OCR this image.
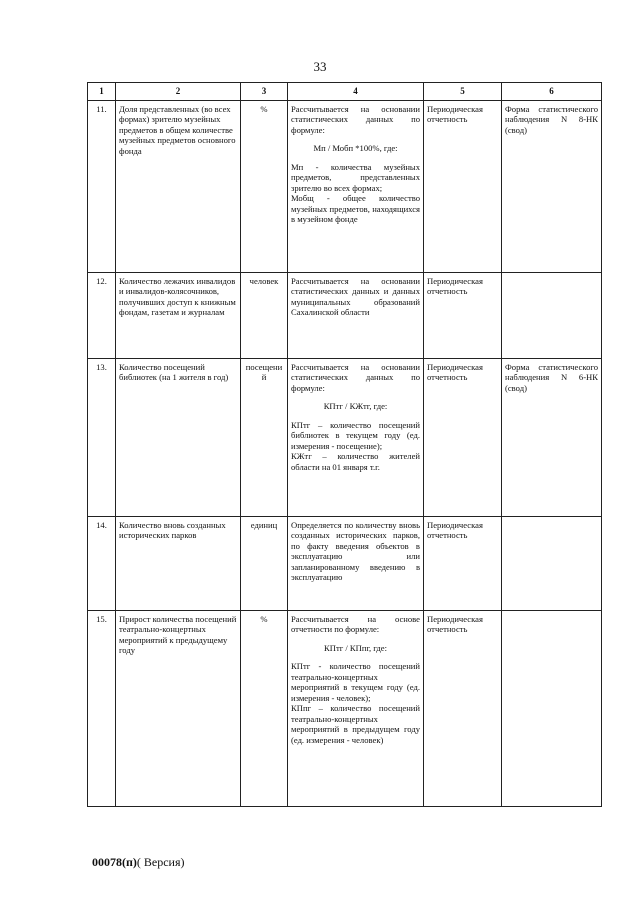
33
1	2	3	4	5	6
11.	Доля представленных (во всех формах) зрителю музейных предметов в общем количестве музейных предметов основного фонда	%	Рассчитывается на основании статистических данных по формуле:
Мп / Мобп *100%, где:
Мп - количества музейных предметов, представленных зрителю во всех формах;
Мобщ - общее количество музейных предметов, находящихся в музейном фонде	Периодическая отчетность	Форма статистического наблюдения N 8-НК (свод)
12.	Количество лежачих инвалидов и инвалидов-колясочников, получивших доступ к книжным фондам, газетам и журналам	человек	Рассчитывается на основании статистических данных и данных муниципальных образований Сахалинской области	Периодическая отчетность	
13.	Количество посещений библиотек (на 1 жителя в год)	посещений	Рассчитывается на основании статистических данных по формуле:
КПтг / КЖтг, где:
КПтг – количество посещений библиотек в текущем году (ед. измерения - посещение);
КЖтг – количество жителей области на 01 января т.г.	Периодическая отчетность	Форма статистического наблюдения N 6-НК (свод)
14.	Количество вновь созданных исторических парков	единиц	Определяется по количеству вновь созданных исторических парков, по факту введения объектов в эксплуатацию или запланированному введению в эксплуатацию	Периодическая отчетность	
15.	Прирост количества посещений театрально-концертных мероприятий к предыдущему году	%	Рассчитывается на основе отчетности по формуле:
КПтг / КПпг, где:
КПтг - количество посещений театрально-концертных мероприятий в текущем году (ед. измерения - человек);
КПпг – количество посещений театрально-концертных мероприятий в предыдущем году (ед. измерения - человек)	Периодическая отчетность	
00078(п)( Версия)
